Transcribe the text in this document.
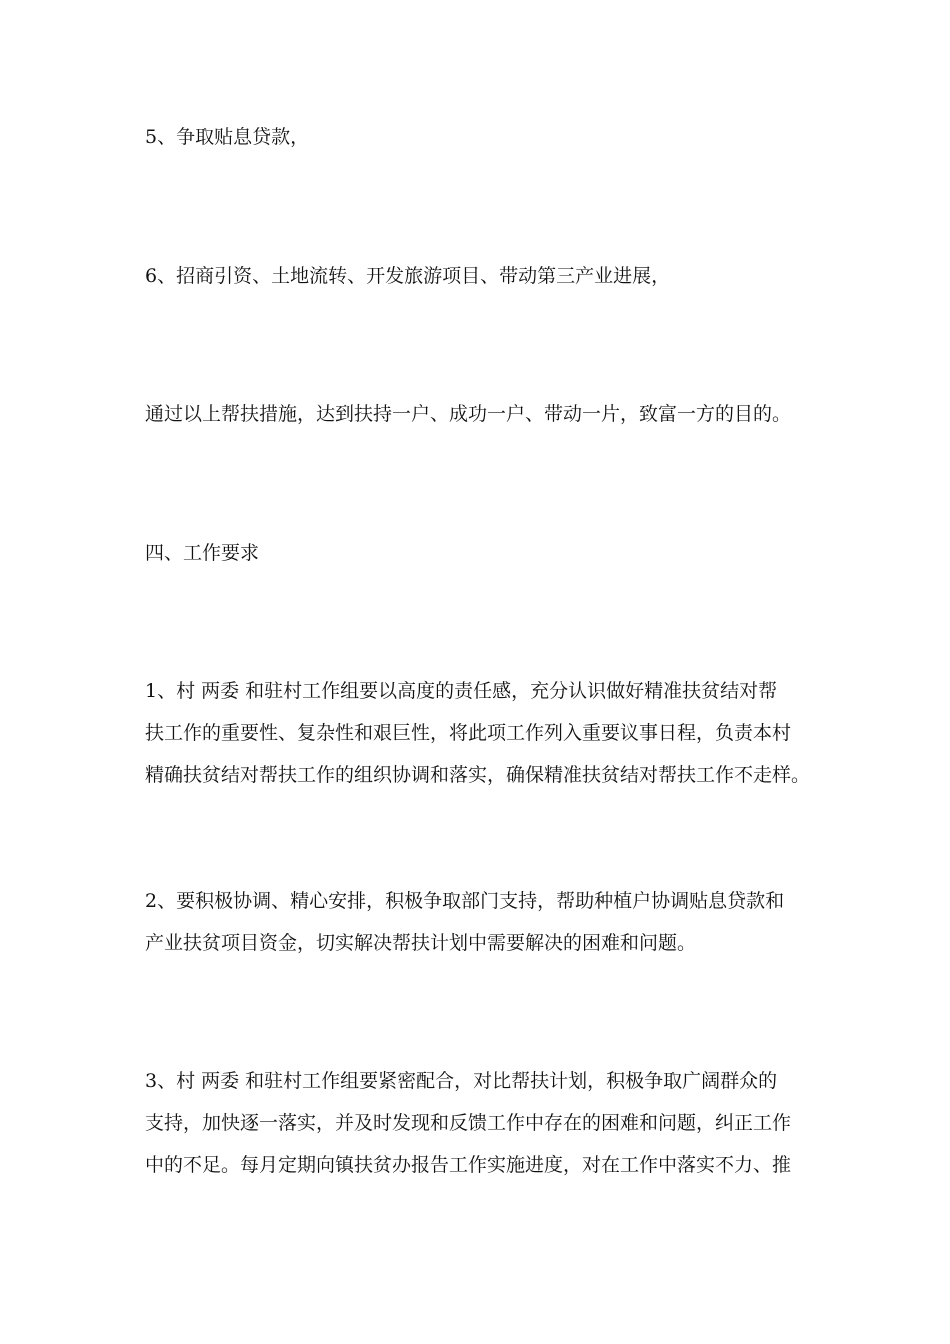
5、争取贴息贷款，
6、招商引资、土地流转、开发旅游项目、带动第三产业进展，
通过以上帮扶措施，达到扶持一户、成功一户、带动一片，致富一方的目的。
四、工作要求
1、村 两委 和驻村工作组要以高度的责任感，充分认识做好精准扶贫结对帮
扶工作的重要性、复杂性和艰巨性，将此项工作列入重要议事日程，负责本村
精确扶贫结对帮扶工作的组织协调和落实，确保精准扶贫结对帮扶工作不走样。
2、要积极协调、精心安排，积极争取部门支持，帮助种植户协调贴息贷款和
产业扶贫项目资金，切实解决帮扶计划中需要解决的困难和问题。
3、村 两委 和驻村工作组要紧密配合，对比帮扶计划，积极争取广阔群众的
支持，加快逐一落实，并及时发现和反馈工作中存在的困难和问题，纠正工作
中的不足。每月定期向镇扶贫办报告工作实施进度，对在工作中落实不力、推
